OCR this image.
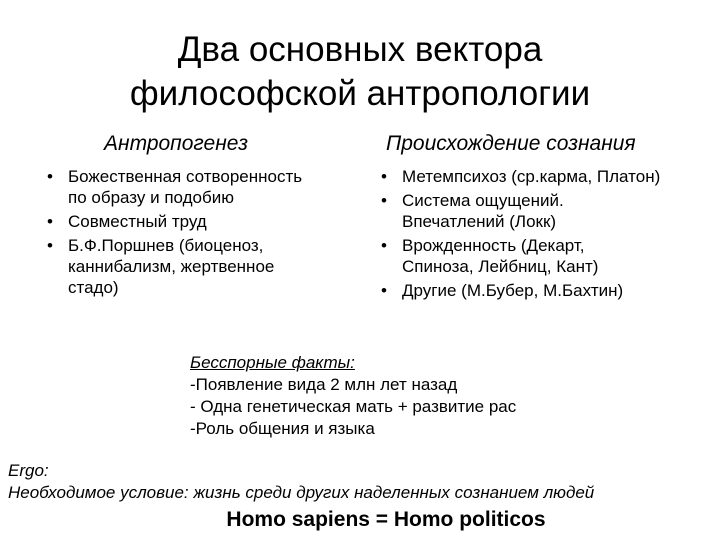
Два основных вектора
философской антропологии
Антропогенез	Происхождение сознания
• Божественная сотворенность
по образу и подобию
• Совместный труд
• Б.Ф.Поршнев (биоценоз,
каннибализм, жертвенное
стадо)
• Метемпсихоз (ср.карма, Платон)
• Система ощущений.
Впечатлений (Локк)
• Врожденность (Декарт,
Спиноза, Лейбниц, Кант)
• Другие (М.Бубер, М.Бахтин)
Бесспорные факты:
-Появление вида 2 млн лет назад
- Одна генетическая мать + развитие рас
-Роль общения и языка
Ergo:
Необходимое условие: жизнь среди других наделенных сознанием людей
Homo sapiens = Homo politicos
